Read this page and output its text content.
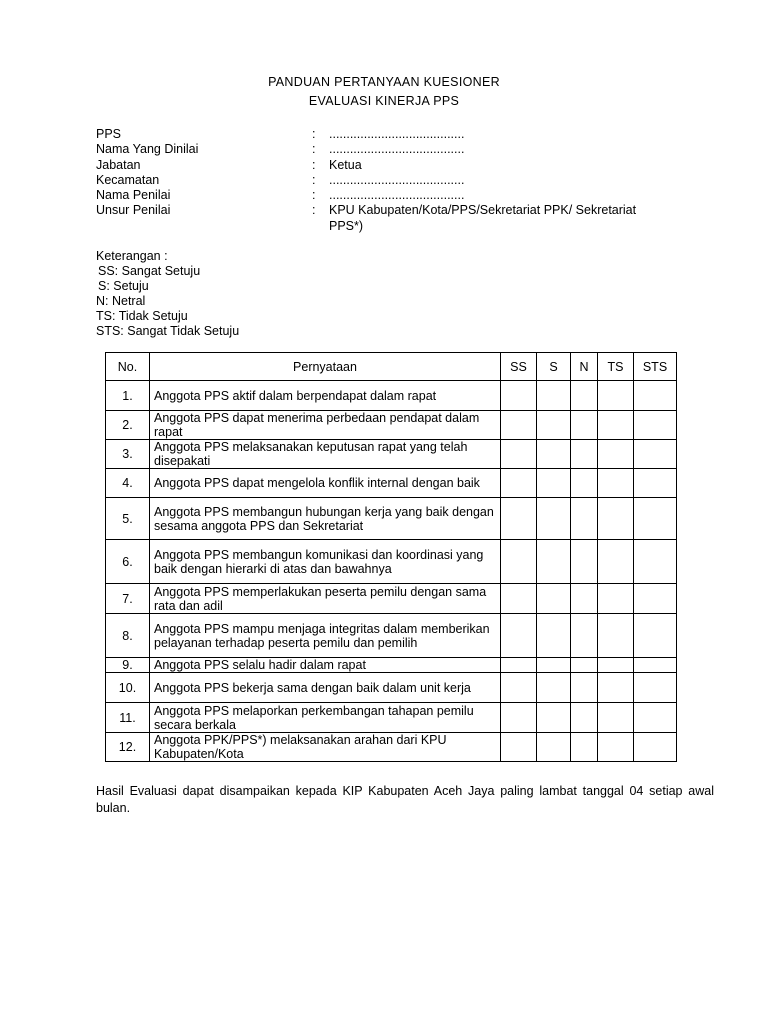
PANDUAN PERTANYAAN KUESIONER
EVALUASI KINERJA PPS
PPS	: .......................................
Nama Yang Dinilai	: .......................................
Jabatan	: Ketua
Kecamatan	: .......................................
Nama Penilai	: .......................................
Unsur Penilai	: KPU Kabupaten/Kota/PPS/Sekretariat PPK/ Sekretariat PPS*)
Keterangan :
SS: Sangat Setuju
S: Setuju
N: Netral
TS: Tidak Setuju
STS: Sangat Tidak Setuju
No.	Pernyataan	SS	S	N	TS	STS
1.	Anggota PPS aktif dalam berpendapat dalam rapat					
2.	Anggota PPS dapat menerima perbedaan pendapat dalam rapat					
3.	Anggota PPS melaksanakan keputusan rapat yang telah disepakati					
4.	Anggota PPS dapat mengelola konflik internal dengan baik					
5.	Anggota PPS membangun hubungan kerja yang baik dengan sesama anggota PPS dan Sekretariat					
6.	Anggota PPS membangun komunikasi dan koordinasi yang baik dengan hierarki di atas dan bawahnya					
7.	Anggota PPS memperlakukan peserta pemilu dengan sama rata dan adil					
8.	Anggota PPS mampu menjaga integritas dalam memberikan pelayanan terhadap peserta pemilu dan pemilih					
9.	Anggota PPS selalu hadir dalam rapat					
10.	Anggota PPS bekerja sama dengan baik dalam unit kerja					
11.	Anggota PPS melaporkan perkembangan tahapan pemilu secara berkala					
12.	Anggota PPK/PPS*) melaksanakan arahan dari KPU Kabupaten/Kota					
Hasil Evaluasi dapat disampaikan kepada KIP Kabupaten Aceh Jaya paling lambat tanggal 04 setiap awal bulan.
